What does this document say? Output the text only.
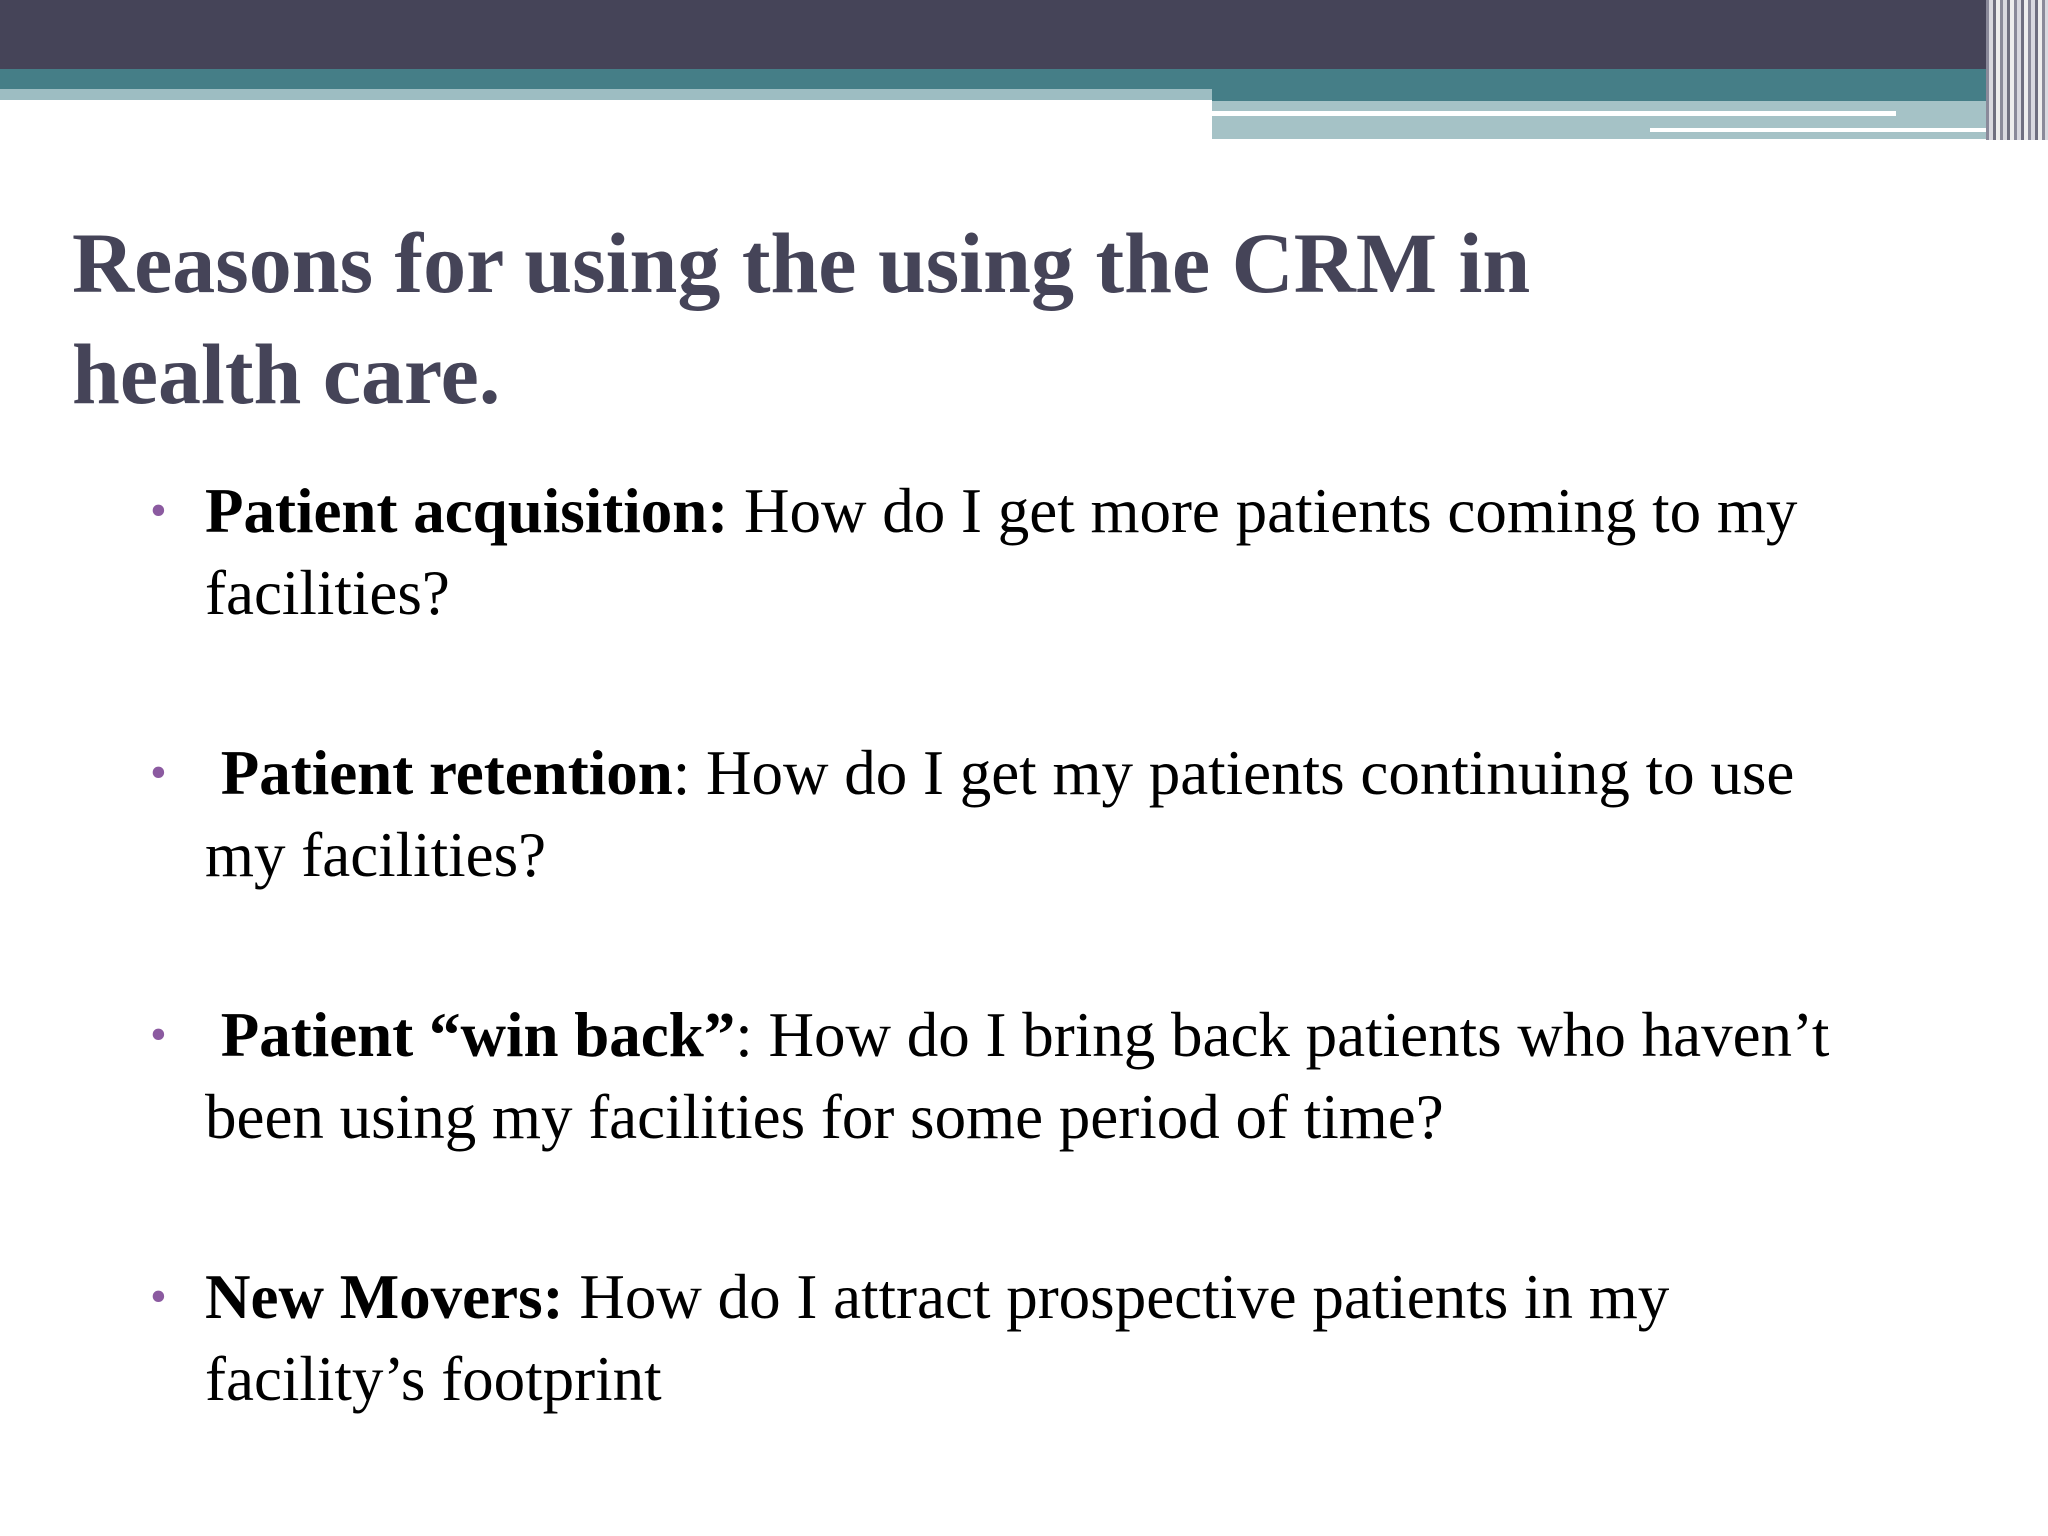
Reasons for using the using the CRM in health care.
• Patient acquisition: How do I get more patients coming to my facilities?
• Patient retention: How do I get my patients continuing to use my facilities?
• Patient “win back”: How do I bring back patients who haven’t been using my facilities for some period of time?
• New Movers: How do I attract prospective patients in my facility’s footprint
